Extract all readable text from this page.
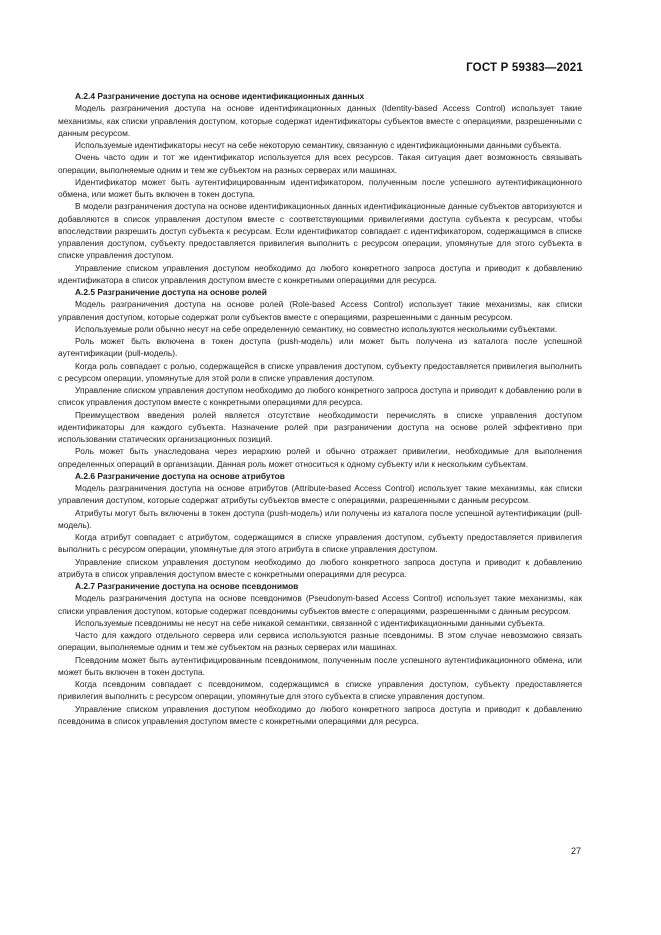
ГОСТ Р 59383—2021
A.2.4 Разграничение доступа на основе идентификационных данных

Модель разграничения доступа на основе идентификационных данных (Identity-based Access Control) использует такие механизмы, как списки управления доступом, которые содержат идентификаторы субъектов вместе с операциями, разрешенными с данным ресурсом.

Используемые идентификаторы несут на себе некоторую семантику, связанную с идентификационными данными субъекта.

Очень часто один и тот же идентификатор используется для всех ресурсов. Такая ситуация дает возможность связывать операции, выполняемые одним и тем же субъектом на разных серверах или машинах.

Идентификатор может быть аутентифицированным идентификатором, полученным после успешного аутентификационного обмена, или может быть включен в токен доступа.

В модели разграничения доступа на основе идентификационных данных идентификационные данные субъектов авторизуются и добавляются в список управления доступом вместе с соответствующими привилегиями доступа субъекта к ресурсам, чтобы впоследствии разрешить доступ субъекта к ресурсам. Если идентификатор совпадает с идентификатором, содержащимся в списке управления доступом, субъекту предоставляется привилегия выполнить с ресурсом операции, упомянутые для этого субъекта в списке управления доступом.

Управление списком управления доступом необходимо до любого конкретного запроса доступа и приводит к добавлению идентификатора в список управления доступом вместе с конкретными операциями для ресурса.

A.2.5 Разграничение доступа на основе ролей

Модель разграничения доступа на основе ролей (Role-based Access Control) использует такие механизмы, как списки управления доступом, которые содержат роли субъектов вместе с операциями, разрешенными с данным ресурсом.

Используемые роли обычно несут на себе определенную семантику, но совместно используются несколькими субъектами.

Роль может быть включена в токен доступа (push-модель) или может быть получена из каталога после успешной аутентификации (pull-модель).

Когда роль совпадает с ролью, содержащейся в списке управления доступом, субъекту предоставляется привилегия выполнить с ресурсом операции, упомянутые для этой роли в списке управления доступом.

Управление списком управления доступом необходимо до любого конкретного запроса доступа и приводит к добавлению роли в список управления доступом вместе с конкретными операциями для ресурса.

Преимуществом введения ролей является отсутствие необходимости перечислять в списке управления доступом идентификаторы для каждого субъекта. Назначение ролей при разграничении доступа на основе ролей эффективно при использовании статических организационных позиций.

Роль может быть унаследована через иерархию ролей и обычно отражает привилегии, необходимые для выполнения определенных операций в организации. Данная роль может относиться к одному субъекту или к нескольким субъектам.

A.2.6 Разграничение доступа на основе атрибутов

Модель разграничения доступа на основе атрибутов (Attribute-based Access Control) использует такие механизмы, как списки управления доступом, которые содержат атрибуты субъектов вместе с операциями, разрешенными с данным ресурсом.

Атрибуты могут быть включены в токен доступа (push-модель) или получены из каталога после успешной аутентификации (pull-модель).

Когда атрибут совпадает с атрибутом, содержащимся в списке управления доступом, субъекту предоставляется привилегия выполнить с ресурсом операции, упомянутые для этого атрибута в списке управления доступом.

Управление списком управления доступом необходимо до любого конкретного запроса доступа и приводит к добавлению атрибута в список управления доступом вместе с конкретными операциями для ресурса.

A.2.7 Разграничение доступа на основе псевдонимов

Модель разграничения доступа на основе псевдонимов (Pseudonym-based Access Control) использует такие механизмы, как списки управления доступом, которые содержат псевдонимы субъектов вместе с операциями, разрешенными с данным ресурсом.

Используемые псевдонимы не несут на себе никакой семантики, связанной с идентификационными данными субъекта.

Часто для каждого отдельного сервера или сервиса используются разные псевдонимы. В этом случае невозможно связать операции, выполняемые одним и тем же субъектом на разных серверах или машинах.

Псевдоним может быть аутентифицированным псевдонимом, полученным после успешного аутентификационного обмена, или может быть включен в токен доступа.

Когда псевдоним совпадает с псевдонимом, содержащимся в списке управления доступом, субъекту предоставляется привилегия выполнить с ресурсом операции, упомянутые для этого субъекта в списке управления доступом.

Управление списком управления доступом необходимо до любого конкретного запроса доступа и приводит к добавлению псевдонима в список управления доступом вместе с конкретными операциями для ресурса.

27
